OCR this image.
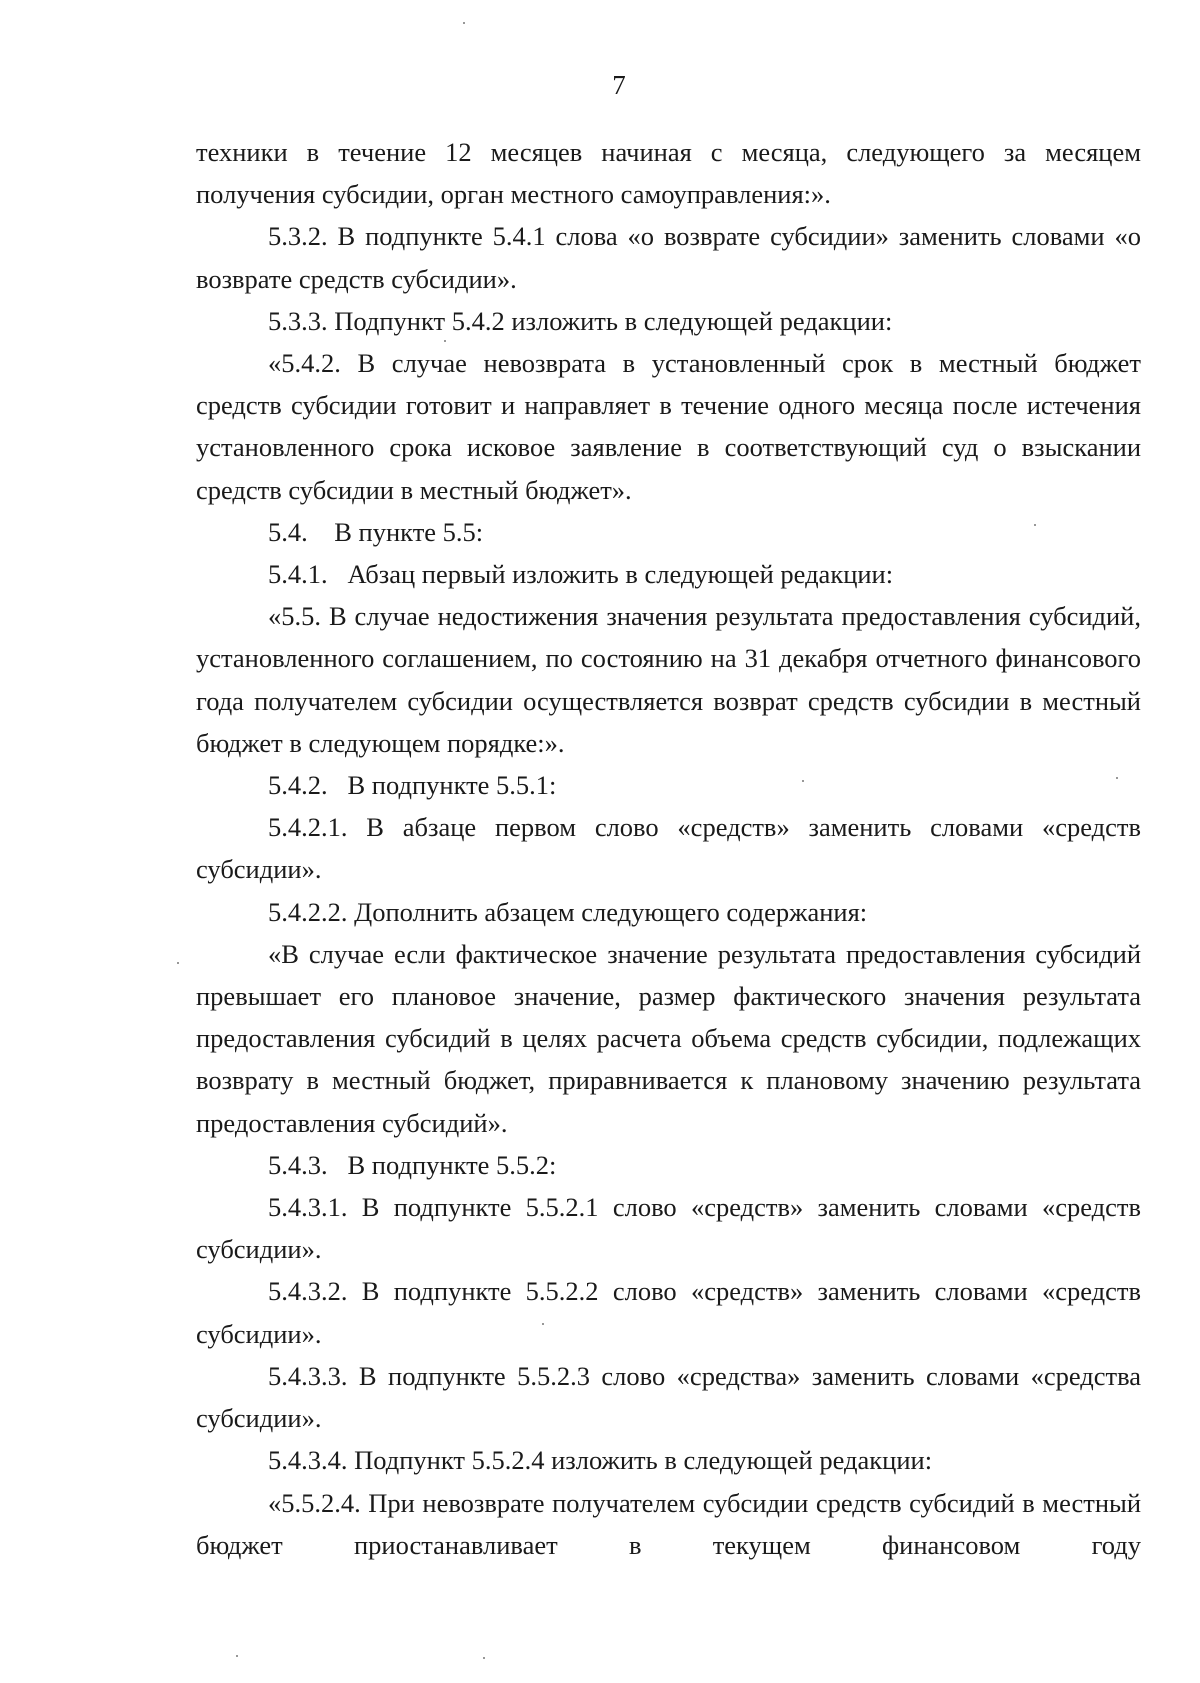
7

техники в течение 12 месяцев начиная с месяца, следующего за месяцем получения субсидии, орган местного самоуправления:».

5.3.2. В подпункте 5.4.1 слова «о возврате субсидии» заменить словами «о возврате средств субсидии».

5.3.3. Подпункт 5.4.2 изложить в следующей редакции:

«5.4.2. В случае невозврата в установленный срок в местный бюджет средств субсидии готовит и направляет в течение одного месяца после истечения установленного срока исковое заявление в соответствующий суд о взыскании средств субсидии в местный бюджет».

5.4.    В пункте 5.5:

5.4.1.   Абзац первый изложить в следующей редакции:

«5.5. В случае недостижения значения результата предоставления субсидий, установленного соглашением, по состоянию на 31 декабря отчетного финансового года получателем субсидии осуществляется возврат средств субсидии в местный бюджет в следующем порядке:».

5.4.2.   В подпункте 5.5.1:

5.4.2.1. В абзаце первом слово «средств» заменить словами «средств субсидии».

5.4.2.2. Дополнить абзацем следующего содержания:

«В случае если фактическое значение результата предоставления субсидий превышает его плановое значение, размер фактического значения результата предоставления субсидий в целях расчета объема средств субсидии, подлежащих возврату в местный бюджет, приравнивается к плановому значению результата предоставления субсидий».

5.4.3.   В подпункте 5.5.2:

5.4.3.1. В подпункте 5.5.2.1 слово «средств» заменить словами «средств субсидии».

5.4.3.2. В подпункте 5.5.2.2 слово «средств» заменить словами «средств субсидии».

5.4.3.3. В подпункте 5.5.2.3 слово «средства» заменить словами «средства субсидии».

5.4.3.4. Подпункт 5.5.2.4 изложить в следующей редакции:

«5.5.2.4. При невозврате получателем субсидии средств субсидий в местный бюджет приостанавливает в текущем финансовом году
